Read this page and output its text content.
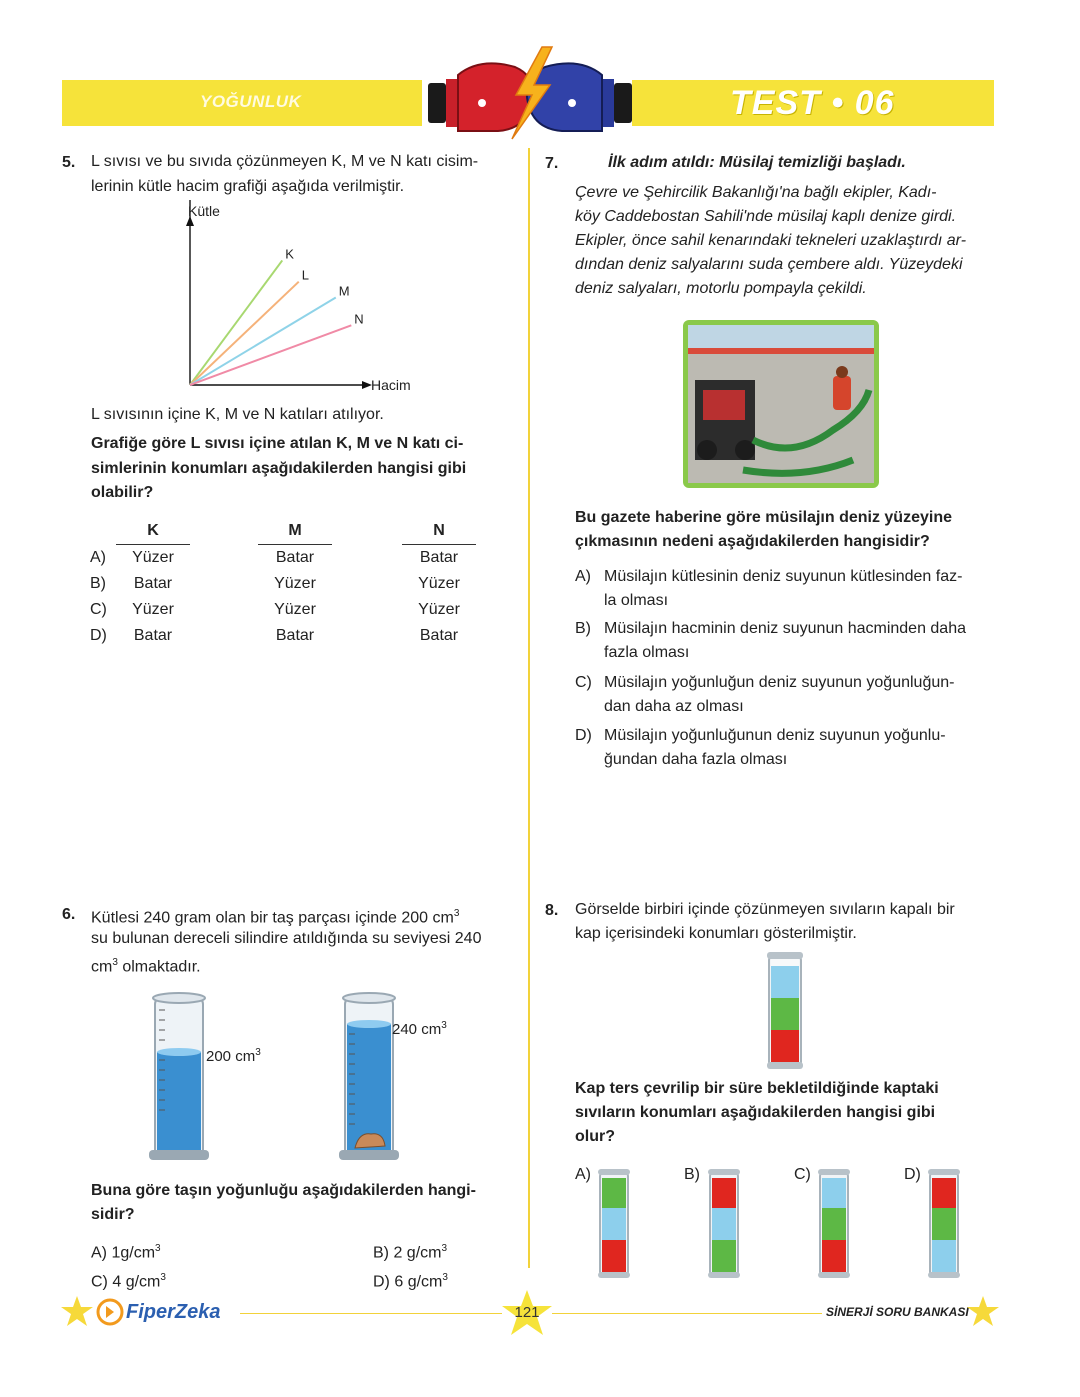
YOĞUNLUK	TEST • 06
5. L sıvısı ve bu sıvıda çözünmeyen K, M ve N katı cisim-
lerinin kütle hacim grafiği aşağıda verilmiştir.
Kütle
Hacim
K
L
M
N
L sıvısının içine K, M ve N katıları atılıyor.
Grafiğe göre L sıvısı içine atılan K, M ve N katı ci-
simlerinin konumları aşağıdakilerden hangisi gibi
olabilir?
	K		M		N
A)	Yüzer		Batar		Batar
B)	Batar		Yüzer		Yüzer
C)	Yüzer		Yüzer		Yüzer
D)	Batar		Batar		Batar
6. Kütlesi 240 gram olan bir taş parçası içinde 200 $cm^3$
su bulunan dereceli silindire atıldığında su seviyesi 240
$cm^3$ olmaktadır.
200 $cm^3$
240 $cm^3$
Buna göre taşın yoğunluğu aşağıdakilerden hangi-
sidir?
A) $1g/cm^3$	B) 2 $g/cm^3$
C) 4 $g/cm^3$	D) 6 $g/cm^3$
7.	İlk adım atıldı: Müsilaj temizliği başladı.
Çevre ve Şehircilik Bakanlığı'na bağlı ekipler, Kadı-
köy Caddebostan Sahili'nde müsilaj kaplı denize girdi.
Ekipler, önce sahil kenarındaki tekneleri uzaklaştırdı ar-
dından deniz salyalarını suda çembere aldı. Yüzeydeki
deniz salyaları, motorlu pompayla çekildi.
Bu gazete haberine göre müsilajın deniz yüzeyine
çıkmasının nedeni aşağıdakilerden hangisidir?
A) Müsilajın kütlesinin deniz suyunun kütlesinden faz-
la olması
B) Müsilajın hacminin deniz suyunun hacminden daha
fazla olması
C) Müsilajın yoğunluğun deniz suyunun yoğunluğun-
dan daha az olması
D) Müsilajın yoğunluğunun deniz suyunun yoğunlu-
ğundan daha fazla olması
8. Görselde birbiri içinde çözünmeyen sıvıların kapalı bir
kap içerisindeki konumları gösterilmiştir.
Kap ters çevrilip bir süre bekletildiğinde kaptaki
sıvıların konumları aşağıdakilerden hangisi gibi
olur?
A)	B)	C)	D)
FiperZeka	121	SİNERJİ SORU BANKASI
